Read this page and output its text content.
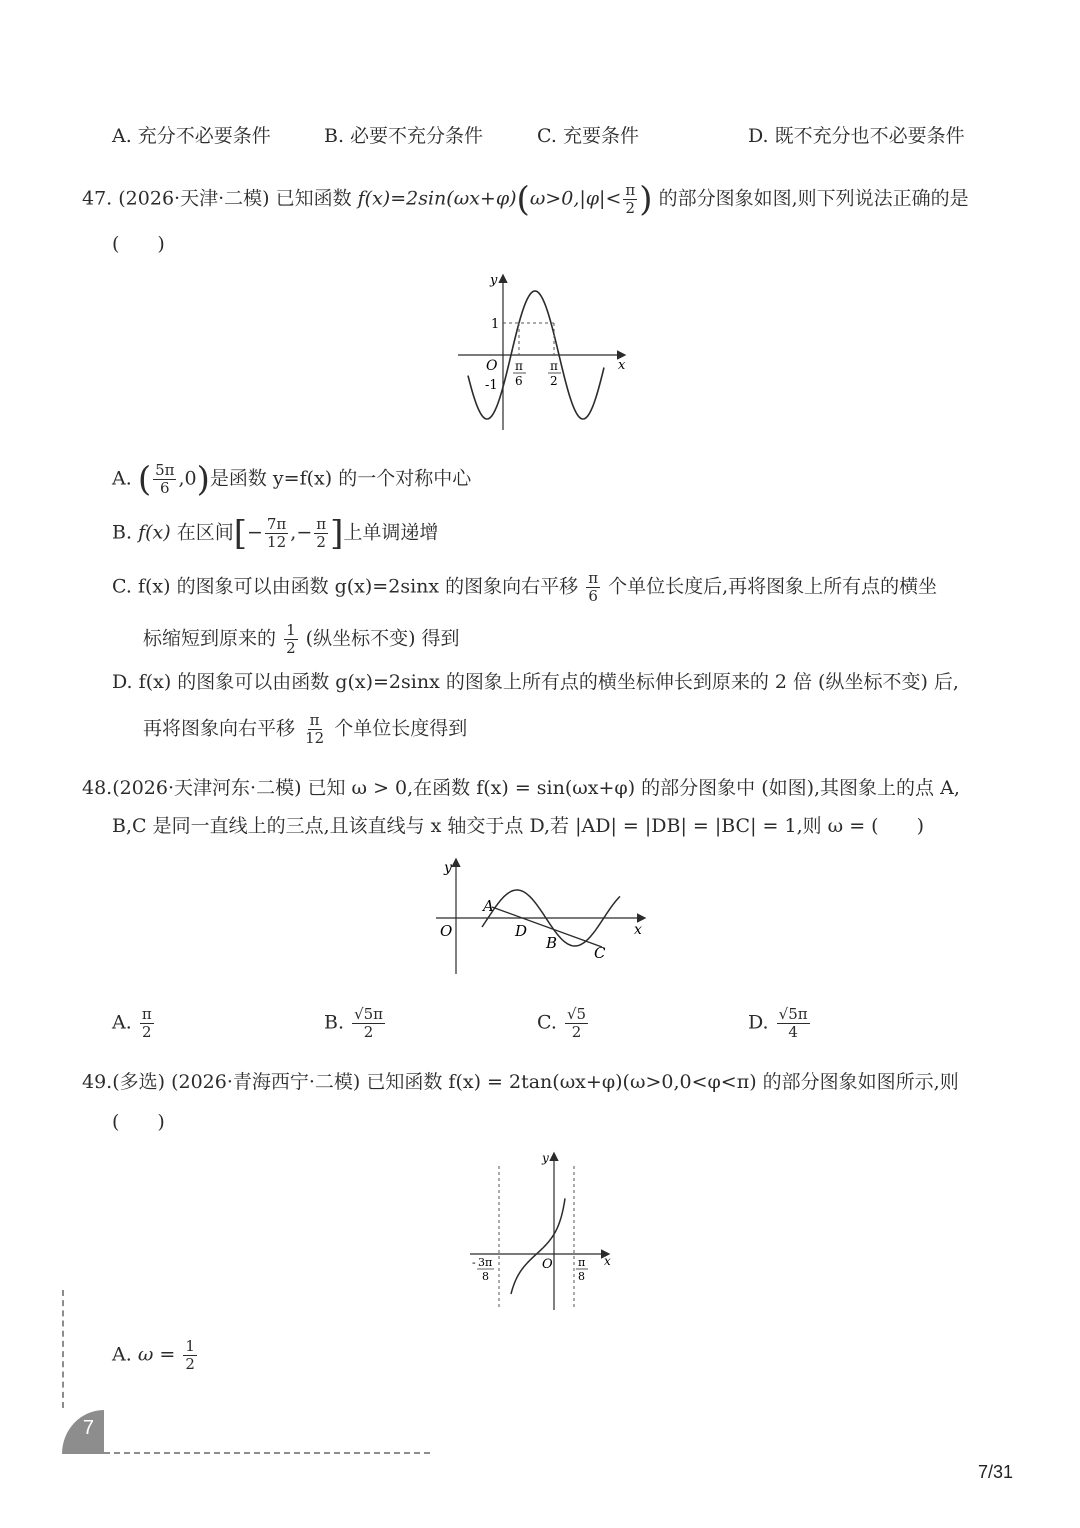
A. 充分不必要条件	B. 必要不充分条件	C. 充要条件	D. 既不充分也不必要条件
47. (2026·天津·二模) 已知函数 $f(x)=2\sin(\omega x+\varphi)(\omega>0,|\varphi|< \frac{\pi}{2}$ ) 的部分图象如图,则下列说法正确的是
(　　)
y
x
O
1
-1
π
6
π
2
A. ( $\frac{5\pi}{6} ,0$)是函数 y=f(x) 的一个对称中心
B. f(x) 在区间[− $\frac{7\pi}{12}$ ,− $\frac{\pi}{2}$ ]上单调递增
C. f(x) 的图象可以由函数 g(x)=2sinx 的图象向右平移 $\frac{\pi}{6}$ 个单位长度后,再将图象上所有点的横坐
标缩短到原来的 $\frac{1}{2}$ (纵坐标不变) 得到
D. f(x) 的图象可以由函数 g(x)=2sinx 的图象上所有点的横坐标伸长到原来的 2 倍 (纵坐标不变) 后,
再将图象向右平移 $\frac{\pi}{12}$ 个单位长度得到
48.(2026·天津河东·二模) 已知 ω > 0,在函数 f(x) = sin(ωx+φ) 的部分图象中 (如图),其图象上的点 A,
B,C 是同一直线上的三点,且该直线与 x 轴交于点 D,若 |AD| = |DB| = |BC| = 1,则 ω = (　　)
y
x
O
A
D
B
C
A. $\frac{\pi}{2}$	B. $\frac{√5\pi}{2}$	C. $\frac{√5}{2}$	D. $\frac{√5\pi}{4}$
49.(多选) (2026·青海西宁·二模) 已知函数 f(x) = 2tan(ωx+φ)(ω>0,0<φ<π) 的部分图象如图所示,则
(　　)
y
x
O
- 3π
8
π
8
A. $\omega = \frac{1}{2}$
7
7/31
